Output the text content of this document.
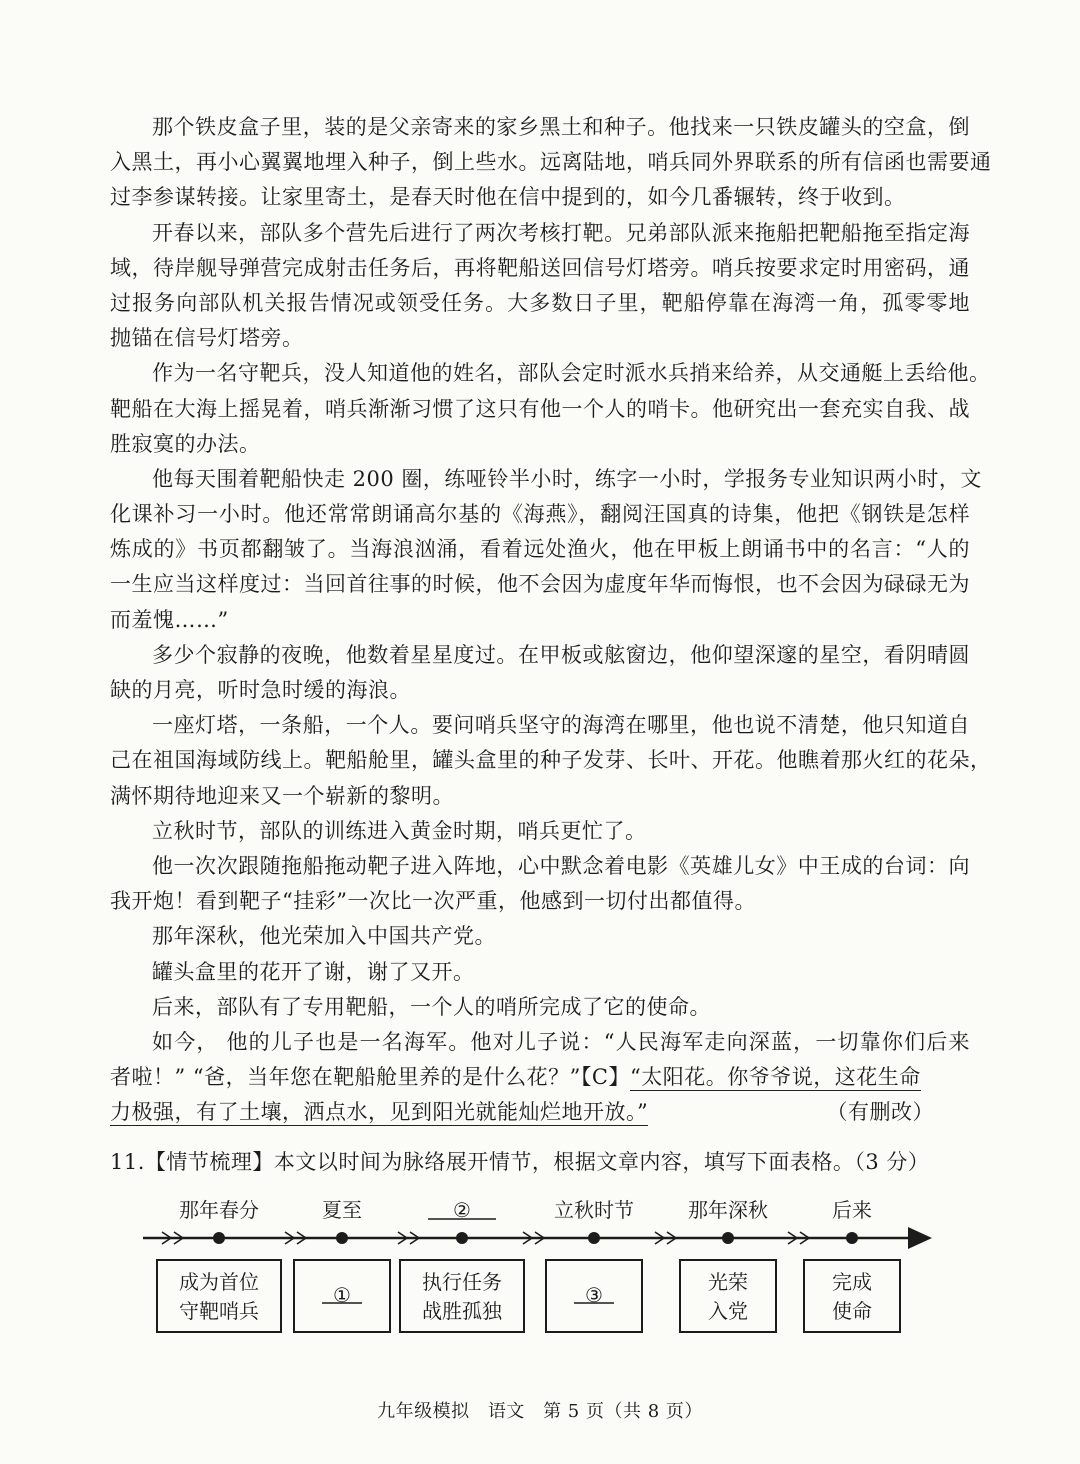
那个铁皮盒子里，装的是父亲寄来的家乡黑土和种子。他找来一只铁皮罐头的空盒，倒
入黑土，再小心翼翼地埋入种子，倒上些水。远离陆地，哨兵同外界联系的所有信函也需要通
过李参谋转接。让家里寄土，是春天时他在信中提到的，如今几番辗转，终于收到。
开春以来，部队多个营先后进行了两次考核打靶。兄弟部队派来拖船把靶船拖至指定海
域，待岸舰导弹营完成射击任务后，再将靶船送回信号灯塔旁。哨兵按要求定时用密码，通
过报务向部队机关报告情况或领受任务。大多数日子里，靶船停靠在海湾一角，孤零零地
抛锚在信号灯塔旁。
作为一名守靶兵，没人知道他的姓名，部队会定时派水兵捎来给养，从交通艇上丢给他。
靶船在大海上摇晃着，哨兵渐渐习惯了这只有他一个人的哨卡。他研究出一套充实自我、战
胜寂寞的办法。
他每天围着靶船快走 200 圈，练哑铃半小时，练字一小时，学报务专业知识两小时，文
化课补习一小时。他还常常朗诵高尔基的《海燕》，翻阅汪国真的诗集，他把《钢铁是怎样
炼成的》书页都翻皱了。当海浪汹涌，看着远处渔火，他在甲板上朗诵书中的名言：“人的
一生应当这样度过：当回首往事的时候，他不会因为虚度年华而悔恨，也不会因为碌碌无为
而羞愧……”
多少个寂静的夜晚，他数着星星度过。在甲板或舷窗边，他仰望深邃的星空，看阴晴圆
缺的月亮，听时急时缓的海浪。
一座灯塔，一条船，一个人。要问哨兵坚守的海湾在哪里，他也说不清楚，他只知道自
己在祖国海域防线上。靶船舱里，罐头盒里的种子发芽、长叶、开花。他瞧着那火红的花朵，
满怀期待地迎来又一个崭新的黎明。
立秋时节，部队的训练进入黄金时期，哨兵更忙了。
他一次次跟随拖船拖动靶子进入阵地，心中默念着电影《英雄儿女》中王成的台词：向
我开炮！看到靶子“挂彩”一次比一次严重，他感到一切付出都值得。
那年深秋，他光荣加入中国共产党。
罐头盒里的花开了谢，谢了又开。
后来，部队有了专用靶船，一个人的哨所完成了它的使命。
如今， 他的儿子也是一名海军。他对儿子说：“人民海军走向深蓝，一切靠你们后来
者啦！” “爸，当年您在靶船舱里养的是什么花？”【C】“太阳花。你爷爷说，这花生命
力极强，有了土壤，洒点水，见到阳光就能灿烂地开放。”	（有删改）
11.【情节梳理】本文以时间为脉络展开情节，根据文章内容，填写下面表格。（3 分）
那年春分
成为首位
守靶哨兵
夏至
①
②
执行任务
战胜孤独
立秋时节
③
那年深秋
光荣
入党
后来
完成
使命
九年级模拟 语文 第 5 页（共 8 页）
